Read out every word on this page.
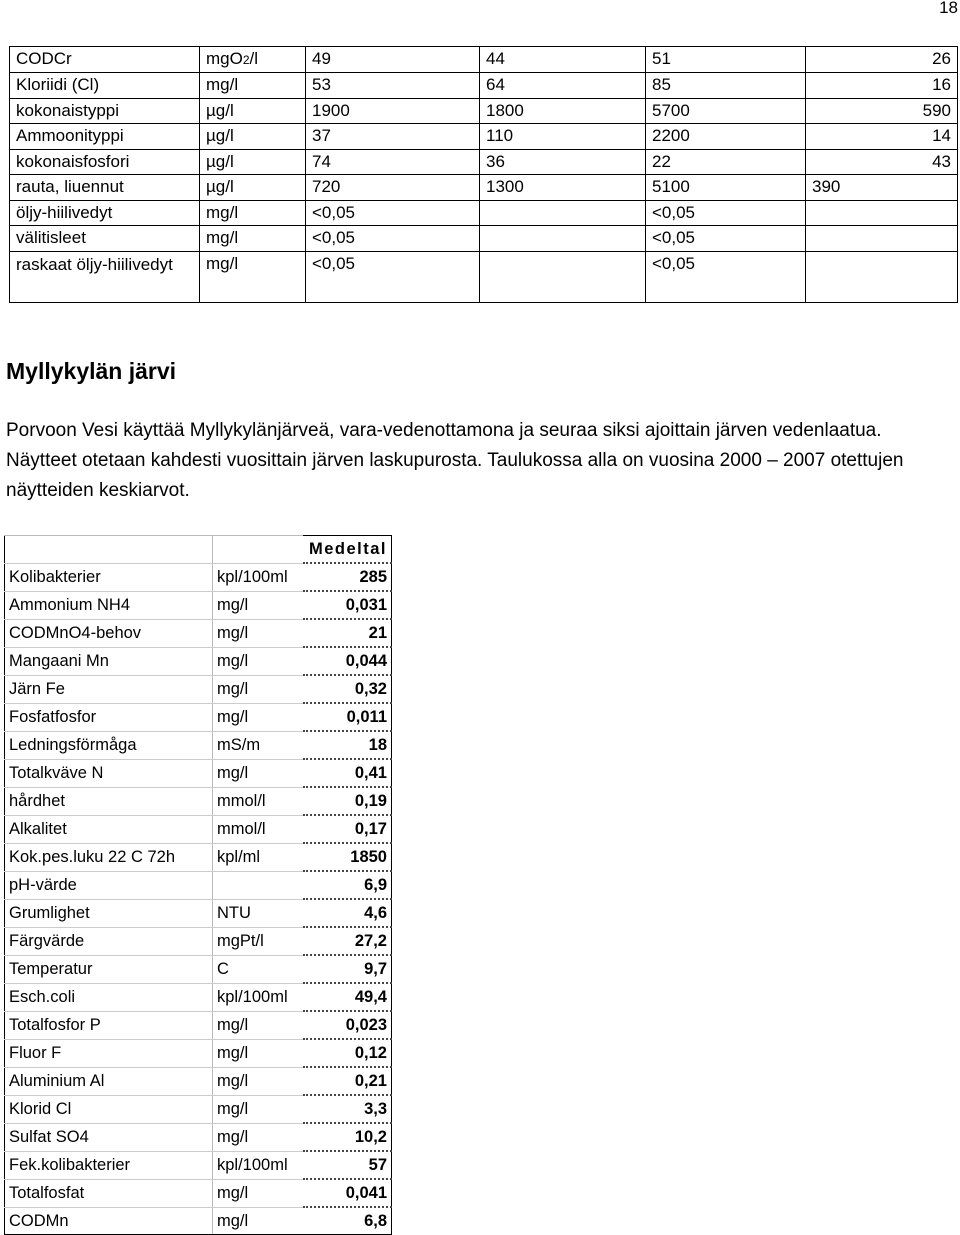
18
CODCr	mgO2/l	49	44	51	26
Kloriidi (Cl)	mg/l	53	64	85	16
kokonaistyppi	µg/l	1900	1800	5700	590
Ammoonityppi	µg/l	37	110	2200	14
kokonaisfosfori	µg/l	74	36	22	43
rauta, liuennut	µg/l	720	1300	5100	390
öljy-hiilivedyt	mg/l	<0,05		<0,05	
välitisleet	mg/l	<0,05		<0,05	
raskaat öljy-hiilivedyt	mg/l	<0,05		<0,05	
Myllykylän järvi

Porvoon Vesi käyttää Myllykylänjärveä, vara-vedenottamona ja seuraa siksi ajoittain järven vedenlaatua. Näytteet otetaan kahdesti vuosittain järven laskupurosta. Taulukossa alla on vuosina 2000 – 2007 otettujen näytteiden keskiarvot.

		Medeltal
Kolibakterier	kpl/100ml	285
Ammonium NH4	mg/l	0,031
CODMnO4-behov	mg/l	21
Mangaani Mn	mg/l	0,044
Järn Fe	mg/l	0,32
Fosfatfosfor	mg/l	0,011
Ledningsförmåga	mS/m	18
Totalkväve N	mg/l	0,41
hårdhet	mmol/l	0,19
Alkalitet	mmol/l	0,17
Kok.pes.luku 22 C 72h	kpl/ml	1850
pH-värde		6,9
Grumlighet	NTU	4,6
Färgvärde	mgPt/l	27,2
Temperatur	C	9,7
Esch.coli	kpl/100ml	49,4
Totalfosfor P	mg/l	0,023
Fluor F	mg/l	0,12
Aluminium Al	mg/l	0,21
Klorid Cl	mg/l	3,3
Sulfat SO4	mg/l	10,2
Fek.kolibakterier	kpl/100ml	57
Totalfosfat	mg/l	0,041
CODMn	mg/l	6,8
